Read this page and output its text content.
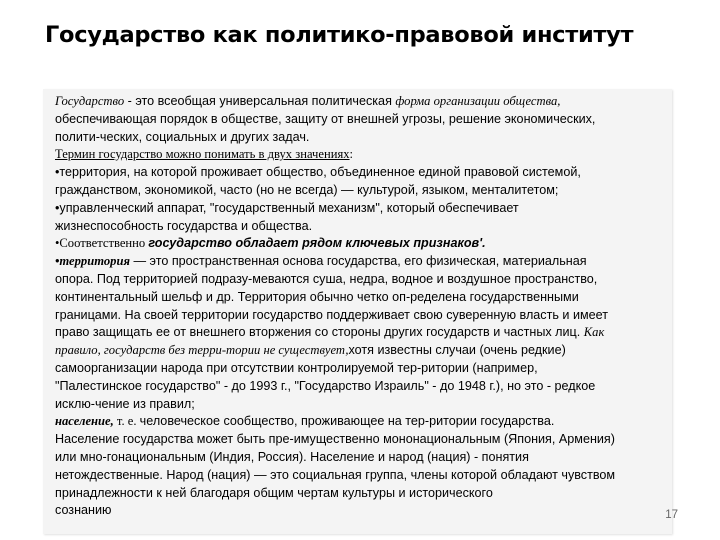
Государство как политико-правовой институт
Государство - это всеобщая универсальная политическая форма организации общества,
обеспечивающая порядок в обществе, защиту от внешней угрозы, решение экономических,
полити-ческих, социальных и других задач.
Термин государство можно понимать в двух значениях:
•территория, на которой проживает общество, объединенное единой правовой системой,
гражданством, экономикой, часто (но не всегда) — культурой, языком, менталитетом;
•управленческий аппарат, "государственный механизм", который обеспечивает
жизнеспособность государства и общества.
•Соответственно государство обладает рядом ключевых признаков'.
•территория — это пространственная основа государства, его физическая, материальная
опора. Под территорией подразу-меваются суша, недра, водное и воздушное пространство,
континентальный шельф и др. Территория обычно четко оп-ределена государственными
границами. На своей территории государство поддерживает свою суверенную власть и имеет
право защищать ее от внешнего вторжения со стороны других государств и частных лиц. Как
правило, государств без терри-тории не существует,хотя известны случаи (очень редкие)
самоорганизации народа при отсутствии контролируемой тер-ритории (например,
"Палестинское государство" - до 1993 г., "Государство Израиль" - до 1948 г.), но это - редкое
исклю-чение из правил;
население, т. е. человеческое сообщество, проживающее на тер-ритории государства.
Население государства может быть пре-имущественно мононациональным (Япония, Армения)
или мно-гонациональным (Индия, Россия). Население и народ (нация) - понятия
нетождественные. Народ (нация) — это социальная группа, члены которой обладают чувством
принадлежности к ней благодаря общим чертам культуры и исторического
сознанию	17
